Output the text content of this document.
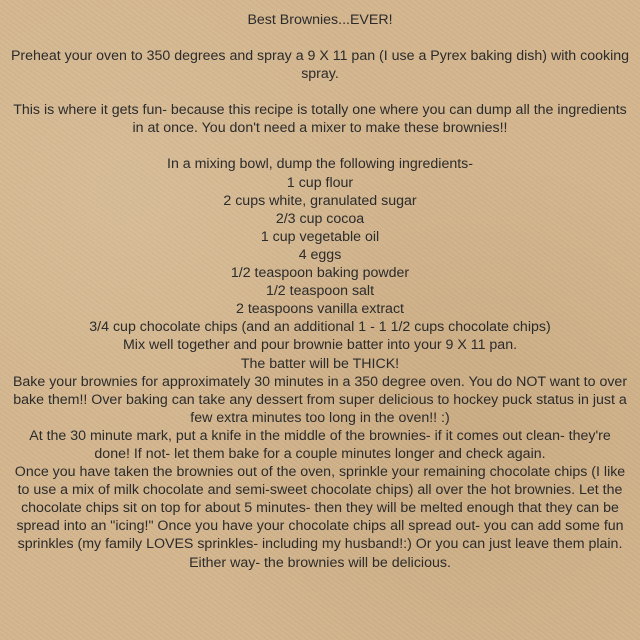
Best Brownies...EVER!

Preheat your oven to 350 degrees and spray a 9 X 11 pan (I use a Pyrex baking dish) with cooking spray.

This is where it gets fun- because this recipe is totally one where you can dump all the ingredients in at once. You don't need a mixer to make these brownies!!

In a mixing bowl, dump the following ingredients-

1 cup flour
2 cups white, granulated sugar
2/3 cup cocoa
1 cup vegetable oil
4 eggs
1/2 teaspoon baking powder
1/2 teaspoon salt
2 teaspoons vanilla extract
3/4 cup chocolate chips (and an additional 1 - 1 1/2 cups chocolate chips)

Mix well together and pour brownie batter into your 9 X 11 pan.

The batter will be THICK!

Bake your brownies for approximately 30 minutes in a 350 degree oven. You do NOT want to over bake them!! Over baking can take any dessert from super delicious to hockey puck status in just a few extra minutes too long in the oven!! :)

At the 30 minute mark, put a knife in the middle of the brownies- if it comes out clean- they're done! If not- let them bake for a couple minutes longer and check again.

Once you have taken the brownies out of the oven, sprinkle your remaining chocolate chips (I like to use a mix of milk chocolate and semi-sweet chocolate chips) all over the hot brownies. Let the chocolate chips sit on top for about 5 minutes- then they will be melted enough that they can be spread into an "icing!" Once you have your chocolate chips all spread out- you can add some fun sprinkles (my family LOVES sprinkles- including my husband!:) Or you can just leave them plain. Either way- the brownies will be delicious.
